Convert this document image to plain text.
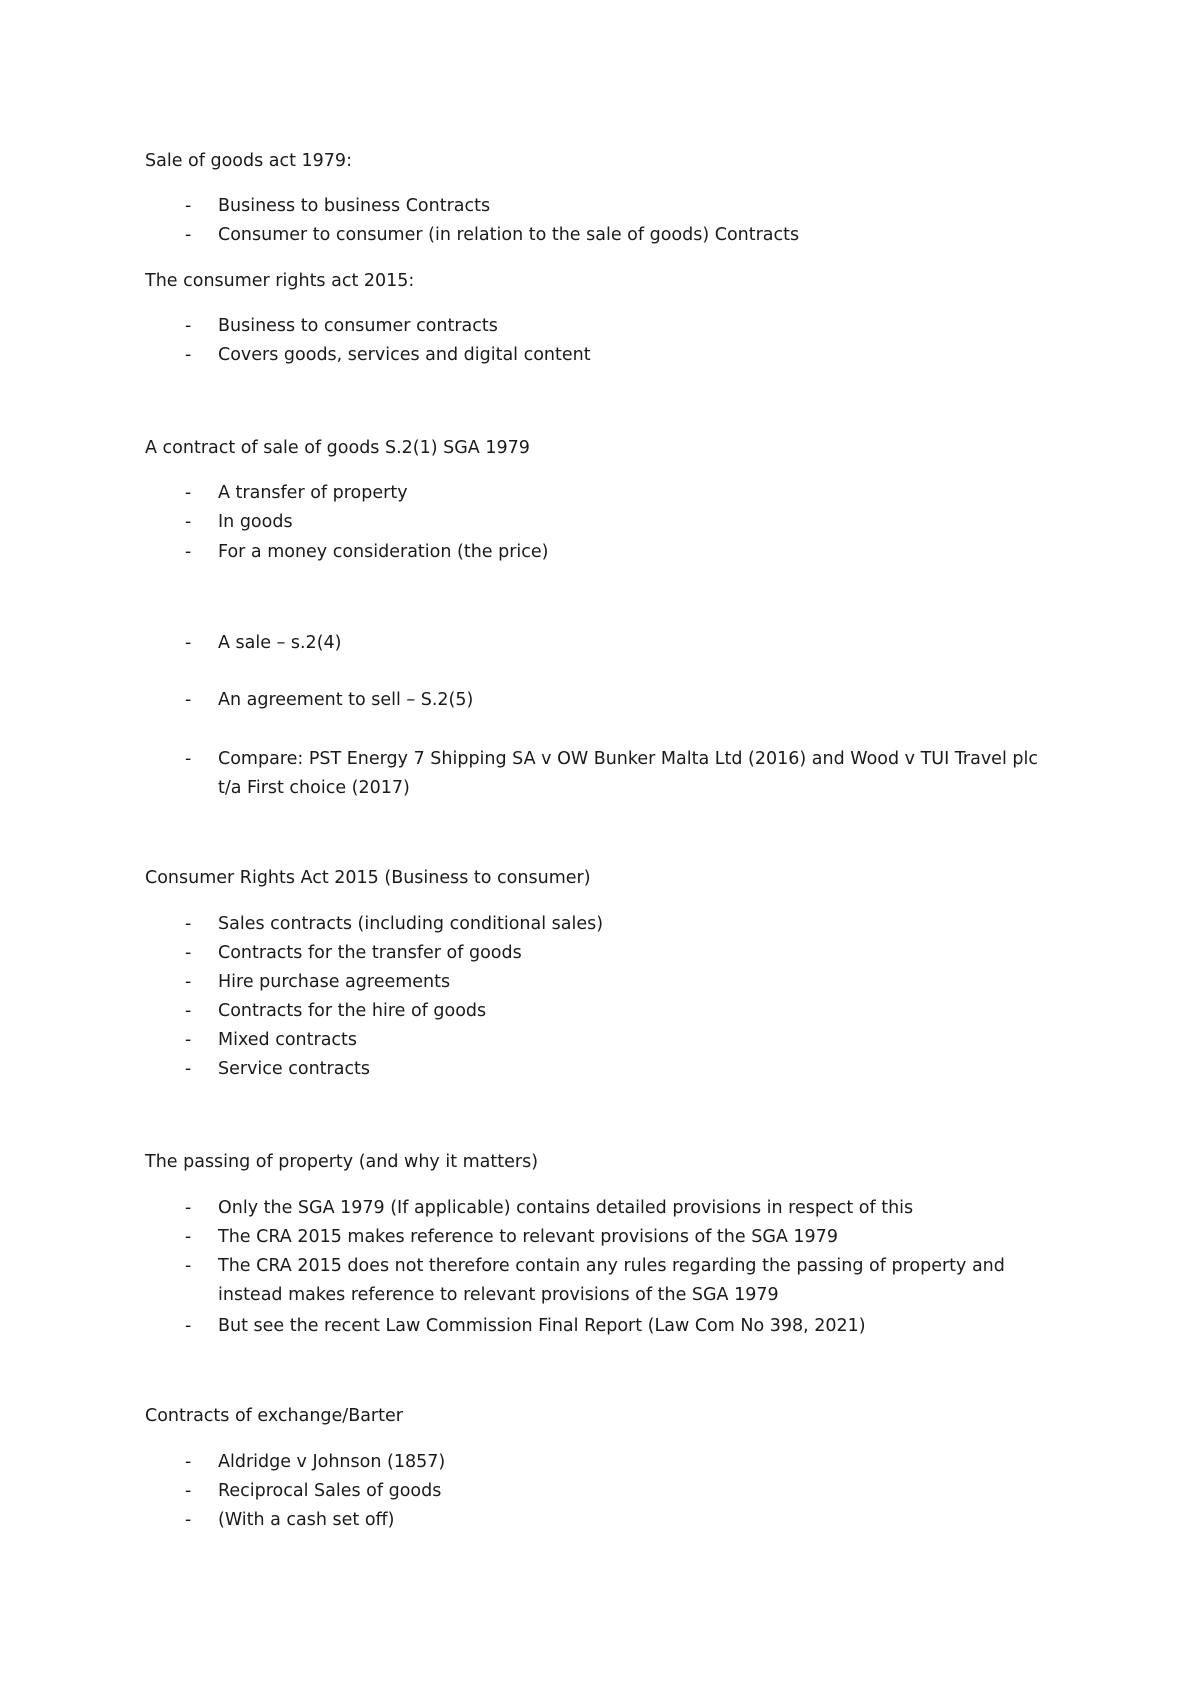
Sale of goods act 1979:
- Business to business Contracts
- Consumer to consumer (in relation to the sale of goods) Contracts
The consumer rights act 2015:
- Business to consumer contracts
- Covers goods, services and digital content
A contract of sale of goods S.2(1) SGA 1979
- A transfer of property
- In goods
- For a money consideration (the price)
- A sale – s.2(4)
- An agreement to sell – S.2(5)
- Compare: PST Energy 7 Shipping SA v OW Bunker Malta Ltd (2016) and Wood v TUI Travel plc
t/a First choice (2017)
Consumer Rights Act 2015 (Business to consumer)
- Sales contracts (including conditional sales)
- Contracts for the transfer of goods
- Hire purchase agreements
- Contracts for the hire of goods
- Mixed contracts
- Service contracts
The passing of property (and why it matters)
- Only the SGA 1979 (If applicable) contains detailed provisions in respect of this
- The CRA 2015 makes reference to relevant provisions of the SGA 1979
- The CRA 2015 does not therefore contain any rules regarding the passing of property and
instead makes reference to relevant provisions of the SGA 1979
- But see the recent Law Commission Final Report (Law Com No 398, 2021)
Contracts of exchange/Barter
- Aldridge v Johnson (1857)
- Reciprocal Sales of goods
- (With a cash set off)
